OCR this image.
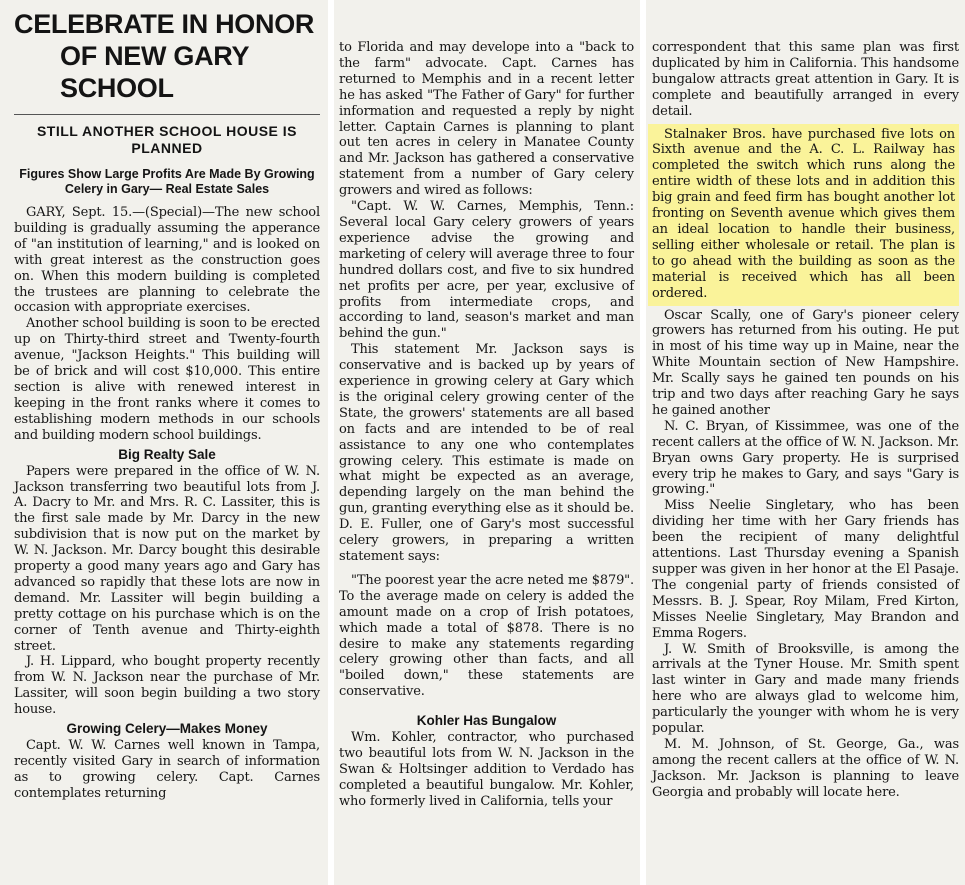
CELEBRATE IN HONOR
OF NEW GARY SCHOOL
STILL ANOTHER SCHOOL HOUSE IS PLANNED
Figures Show Large Profits Are Made By Growing Celery in Gary— Real Estate Sales

GARY, Sept. 15.—(Special)—The new school building is gradually assuming the apperance of "an institution of learning," and is looked on with great interest as the construction goes on. When this modern building is completed the trustees are planning to celebrate the occasion with appropriate exercises.

Another school building is soon to be erected up on Thirty-third street and Twenty-fourth avenue, "Jackson Heights." This building will be of brick and will cost $10,000. This entire section is alive with renewed interest in keeping in the front ranks where it comes to establishing modern methods in our schools and building modern school buildings.

Big Realty Sale

Papers were prepared in the office of W. N. Jackson transferring two beautiful lots from J. A. Dacry to Mr. and Mrs. R. C. Lassiter, this is the first sale made by Mr. Darcy in the new subdivision that is now put on the market by W. N. Jackson. Mr. Darcy bought this desirable property a good many years ago and Gary has advanced so rapidly that these lots are now in demand. Mr. Lassiter will begin building a pretty cottage on his purchase which is on the corner of Tenth avenue and Thirty-eighth street.

J. H. Lippard, who bought property recently from W. N. Jackson near the purchase of Mr. Lassiter, will soon begin building a two story house.

Growing Celery—Makes Money

Capt. W. W. Carnes well known in Tampa, recently visited Gary in search of information as to growing celery. Capt. Carnes contemplates returning

to Florida and may develope into a "back to the farm" advocate. Capt. Carnes has returned to Memphis and in a recent letter he has asked "The Father of Gary" for further information and requested a reply by night letter. Captain Carnes is planning to plant out ten acres in celery in Manatee County and Mr. Jackson has gathered a conservative statement from a number of Gary celery growers and wired as follows:

"Capt. W. W. Carnes, Memphis, Tenn.: Several local Gary celery growers of years experience advise the growing and marketing of celery will average three to four hundred dollars cost, and five to six hundred net profits per acre, per year, exclusive of profits from intermediate crops, and according to land, season's market and man behind the gun."

This statement Mr. Jackson says is conservative and is backed up by years of experience in growing celery at Gary which is the original celery growing center of the State, the growers' statements are all based on facts and are intended to be of real assistance to any one who contemplates growing celery. This estimate is made on what might be expected as an average, depending largely on the man behind the gun, granting everything else as it should be. D. E. Fuller, one of Gary's most successful celery growers, in preparing a written statement says:

"The poorest year the acre neted me $879". To the average made on celery is added the amount made on a crop of Irish potatoes, which made a total of $878. There is no desire to make any statements regarding celery growing other than facts, and all "boiled down," these statements are conservative.

Kohler Has Bungalow

Wm. Kohler, contractor, who purchased two beautiful lots from W. N. Jackson in the Swan & Holtsinger addition to Verdado has completed a beautiful bungalow. Mr. Kohler, who formerly lived in California, tells your

correspondent that this same plan was first duplicated by him in California. This handsome bungalow attracts great attention in Gary. It is complete and beautifully arranged in every detail.

Stalnaker Bros. have purchased five lots on Sixth avenue and the A. C. L. Railway has completed the switch which runs along the entire width of these lots and in addition this big grain and feed firm has bought another lot fronting on Seventh avenue which gives them an ideal location to handle their business, selling either wholesale or retail. The plan is to go ahead with the building as soon as the material is received which has all been ordered.

Oscar Scally, one of Gary's pioneer celery growers has returned from his outing. He put in most of his time way up in Maine, near the White Mountain section of New Hampshire. Mr. Scally says he gained ten pounds on his trip and two days after reaching Gary he says he gained another

N. C. Bryan, of Kissimmee, was one of the recent callers at the office of W. N. Jackson. Mr. Bryan owns Gary property. He is surprised every trip he makes to Gary, and says "Gary is growing."

Miss Neelie Singletary, who has been dividing her time with her Gary friends has been the recipient of many delightful attentions. Last Thursday evening a Spanish supper was given in her honor at the El Pasaje. The congenial party of friends consisted of Messrs. B. J. Spear, Roy Milam, Fred Kirton, Misses Neelie Singletary, May Brandon and Emma Rogers.

J. W. Smith of Brooksville, is among the arrivals at the Tyner House. Mr. Smith spent last winter in Gary and made many friends here who are always glad to welcome him, particularly the younger with whom he is very popular.

M. M. Johnson, of St. George, Ga., was among the recent callers at the office of W. N. Jackson. Mr. Jackson is planning to leave Georgia and probably will locate here.
